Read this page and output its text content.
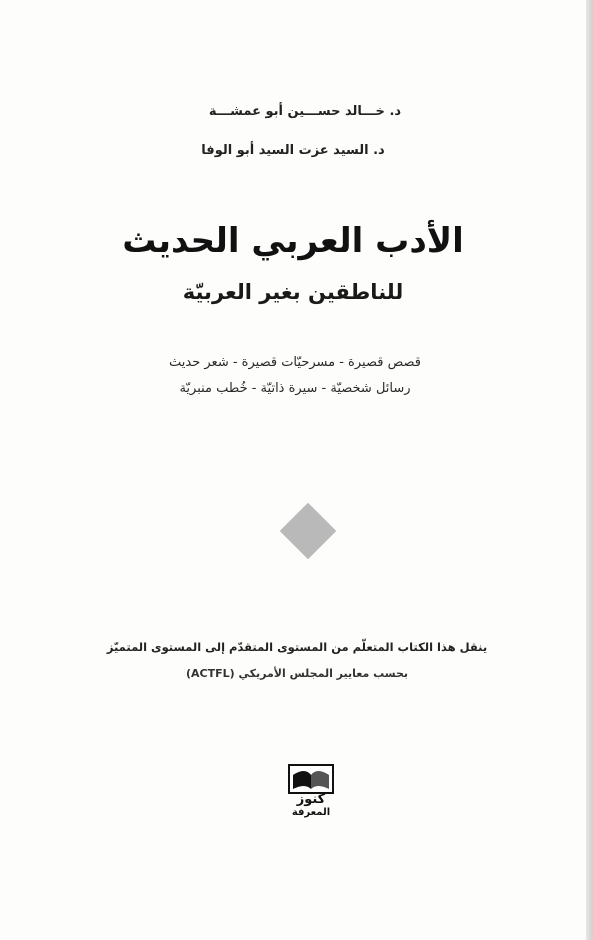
د. خـــالد حســـين أبو عمشـــة
د. السيد عزت السيد أبو الوفا
الأدب العربي الحديث
للناطقين بغير العربيّة
قصص قصيرة - مسرحيّات قصيرة - شعر حديث
رسائل شخصيّة - سيرة ذاتيّة - خُطب منبريّة
ينقل هذا الكتاب المتعلّم من المستوى المتقدّم إلى المستوى المتميّز
بحسب معايير المجلس الأمريكي (ACTFL)
كنوز
المعرفة
